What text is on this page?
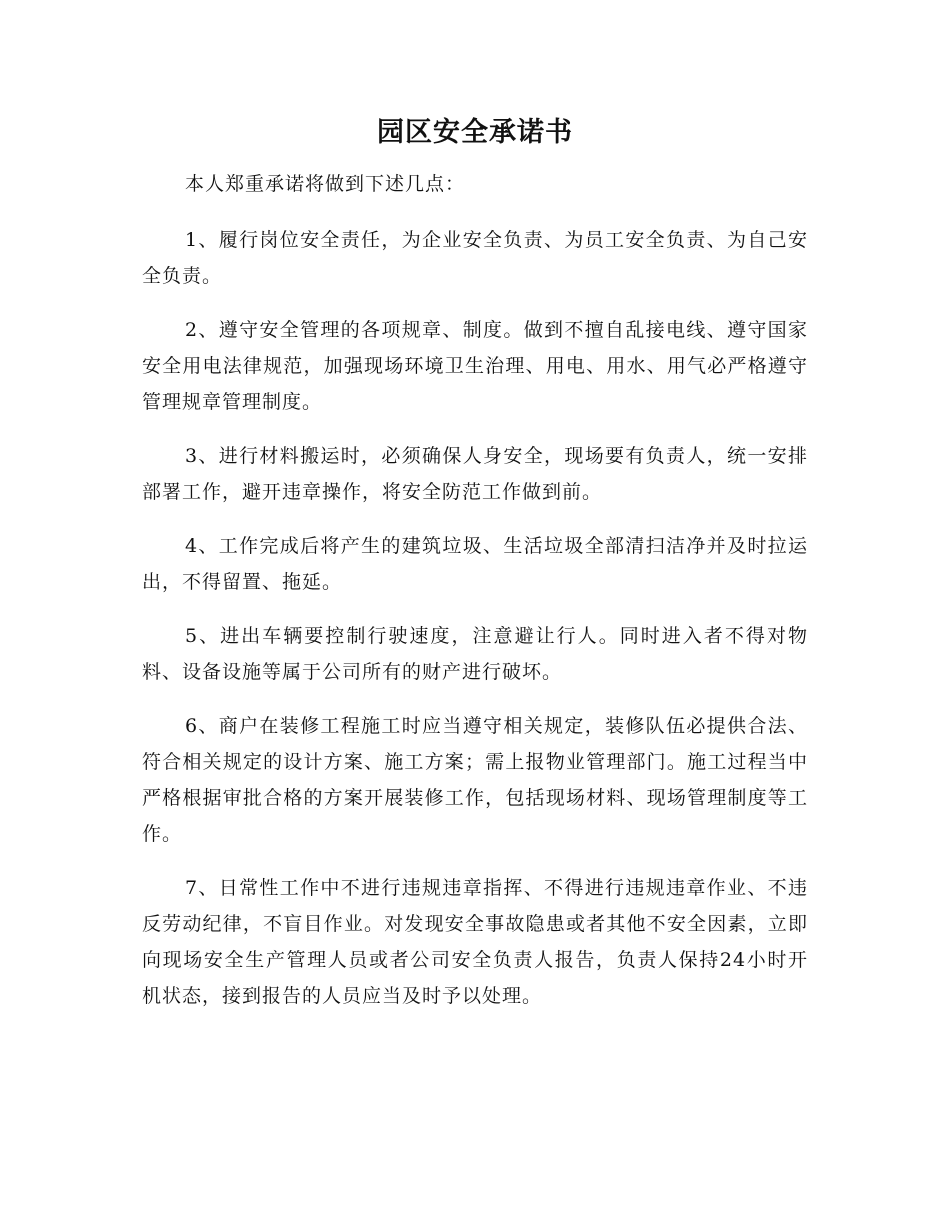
园区安全承诺书

本人郑重承诺将做到下述几点：

1、履行岗位安全责任，为企业安全负责、为员工安全负责、为自己安全负责。

2、遵守安全管理的各项规章、制度。做到不擅自乱接电线、遵守国家安全用电法律规范，加强现场环境卫生治理、用电、用水、用气必严格遵守管理规章管理制度。

3、进行材料搬运时，必须确保人身安全，现场要有负责人，统一安排部署工作，避开违章操作，将安全防范工作做到前。

4、工作完成后将产生的建筑垃圾、生活垃圾全部清扫洁净并及时拉运出，不得留置、拖延。

5、进出车辆要控制行驶速度，注意避让行人。同时进入者不得对物料、设备设施等属于公司所有的财产进行破坏。

6、商户在装修工程施工时应当遵守相关规定，装修队伍必提供合法、符合相关规定的设计方案、施工方案；需上报物业管理部门。施工过程当中严格根据审批合格的方案开展装修工作，包括现场材料、现场管理制度等工作。

7、日常性工作中不进行违规违章指挥、不得进行违规违章作业、不违反劳动纪律，不盲目作业。对发现安全事故隐患或者其他不安全因素，立即向现场安全生产管理人员或者公司安全负责人报告，负责人保持24小时开机状态，接到报告的人员应当及时予以处理。
